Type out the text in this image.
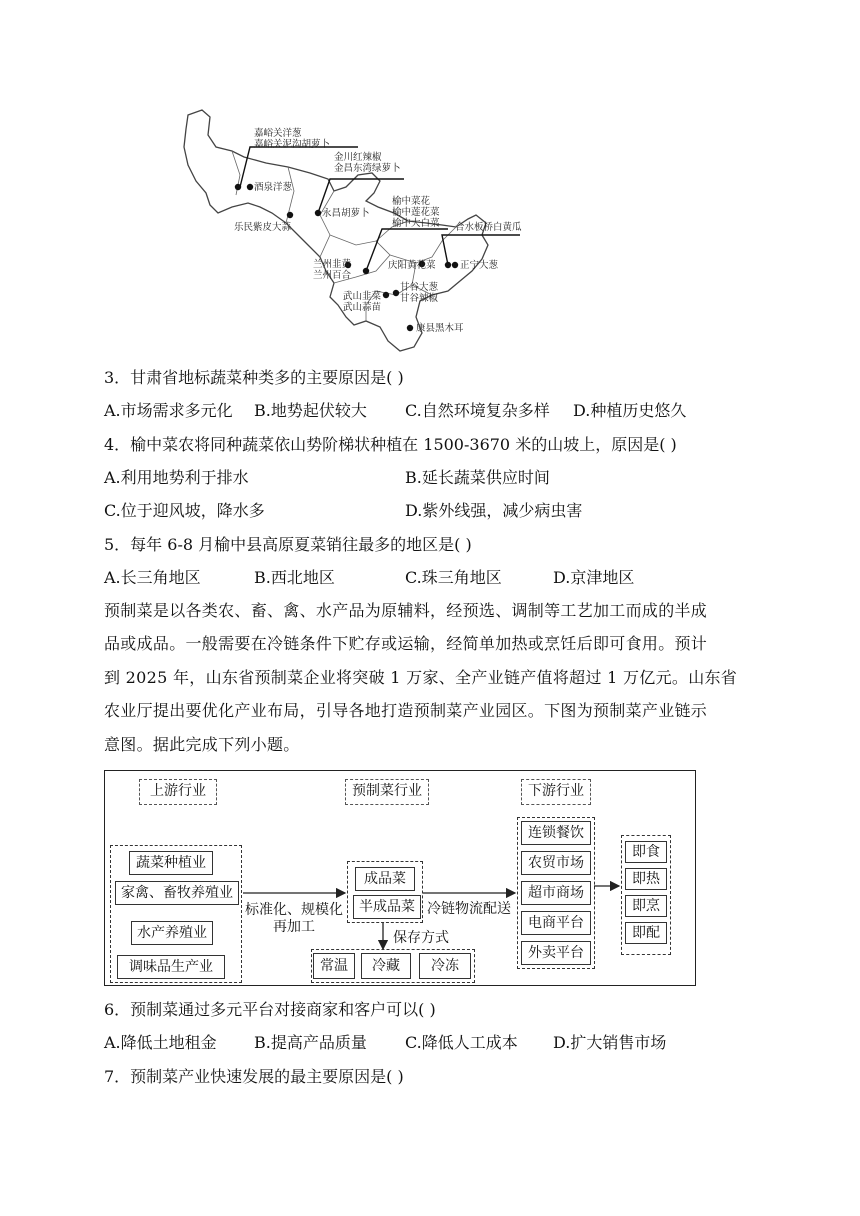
嘉峪关洋葱
嘉峪关泥沟胡萝卜
金川红辣椒
金昌东湾绿萝卜
酒泉洋葱
永昌胡萝卜
乐民紫皮大蒜
榆中菜花
榆中莲花菜
榆中大白菜 合水板桥白黄瓜
兰州韭黄
兰州百合
庆阳黄花菜	正宁大葱
甘谷大葱
甘谷辣椒
武山韭菜
武山蒜苗
康县黑木耳
3．甘肃省地标蔬菜种类多的主要原因是( )
A.市场需求多元化 B.地势起伏较大 C.自然环境复杂多样 D.种植历史悠久
4．榆中菜农将同种蔬菜依山势阶梯状种植在 1500-3670 米的山坡上，原因是( )
A.利用地势利于排水	B.延长蔬菜供应时间
C.位于迎风坡，降水多	D.紫外线强，减少病虫害
5．每年 6-8 月榆中县高原夏菜销往最多的地区是( )
A.长三角地区	B.西北地区	C.珠三角地区	D.京津地区
预制菜是以各类农、畜、禽、水产品为原辅料，经预选、调制等工艺加工而成的半成
品或成品。一般需要在冷链条件下贮存或运输，经简单加热或烹饪后即可食用。预计
到 2025 年，山东省预制菜企业将突破 1 万家、全产业链产值将超过 1 万亿元。山东省
农业厅提出要优化产业布局，引导各地打造预制菜产业园区。下图为预制菜产业链示
意图。据此完成下列小题。
上游行业	预制菜行业	下游行业
蔬菜种植业
家禽、畜牧养殖业
水产养殖业
调味品生产业
标准化、规模化
再加工
成品菜
半成品菜
保存方式
常温	冷藏	冷冻
冷链物流配送
连锁餐饮
农贸市场
超市商场
电商平台
外卖平台
即食
即热
即烹
即配
6．预制菜通过多元平台对接商家和客户可以( )
A.降低土地租金 B.提高产品质量 C.降低人工成本 D.扩大销售市场
7．预制菜产业快速发展的最主要原因是( )
